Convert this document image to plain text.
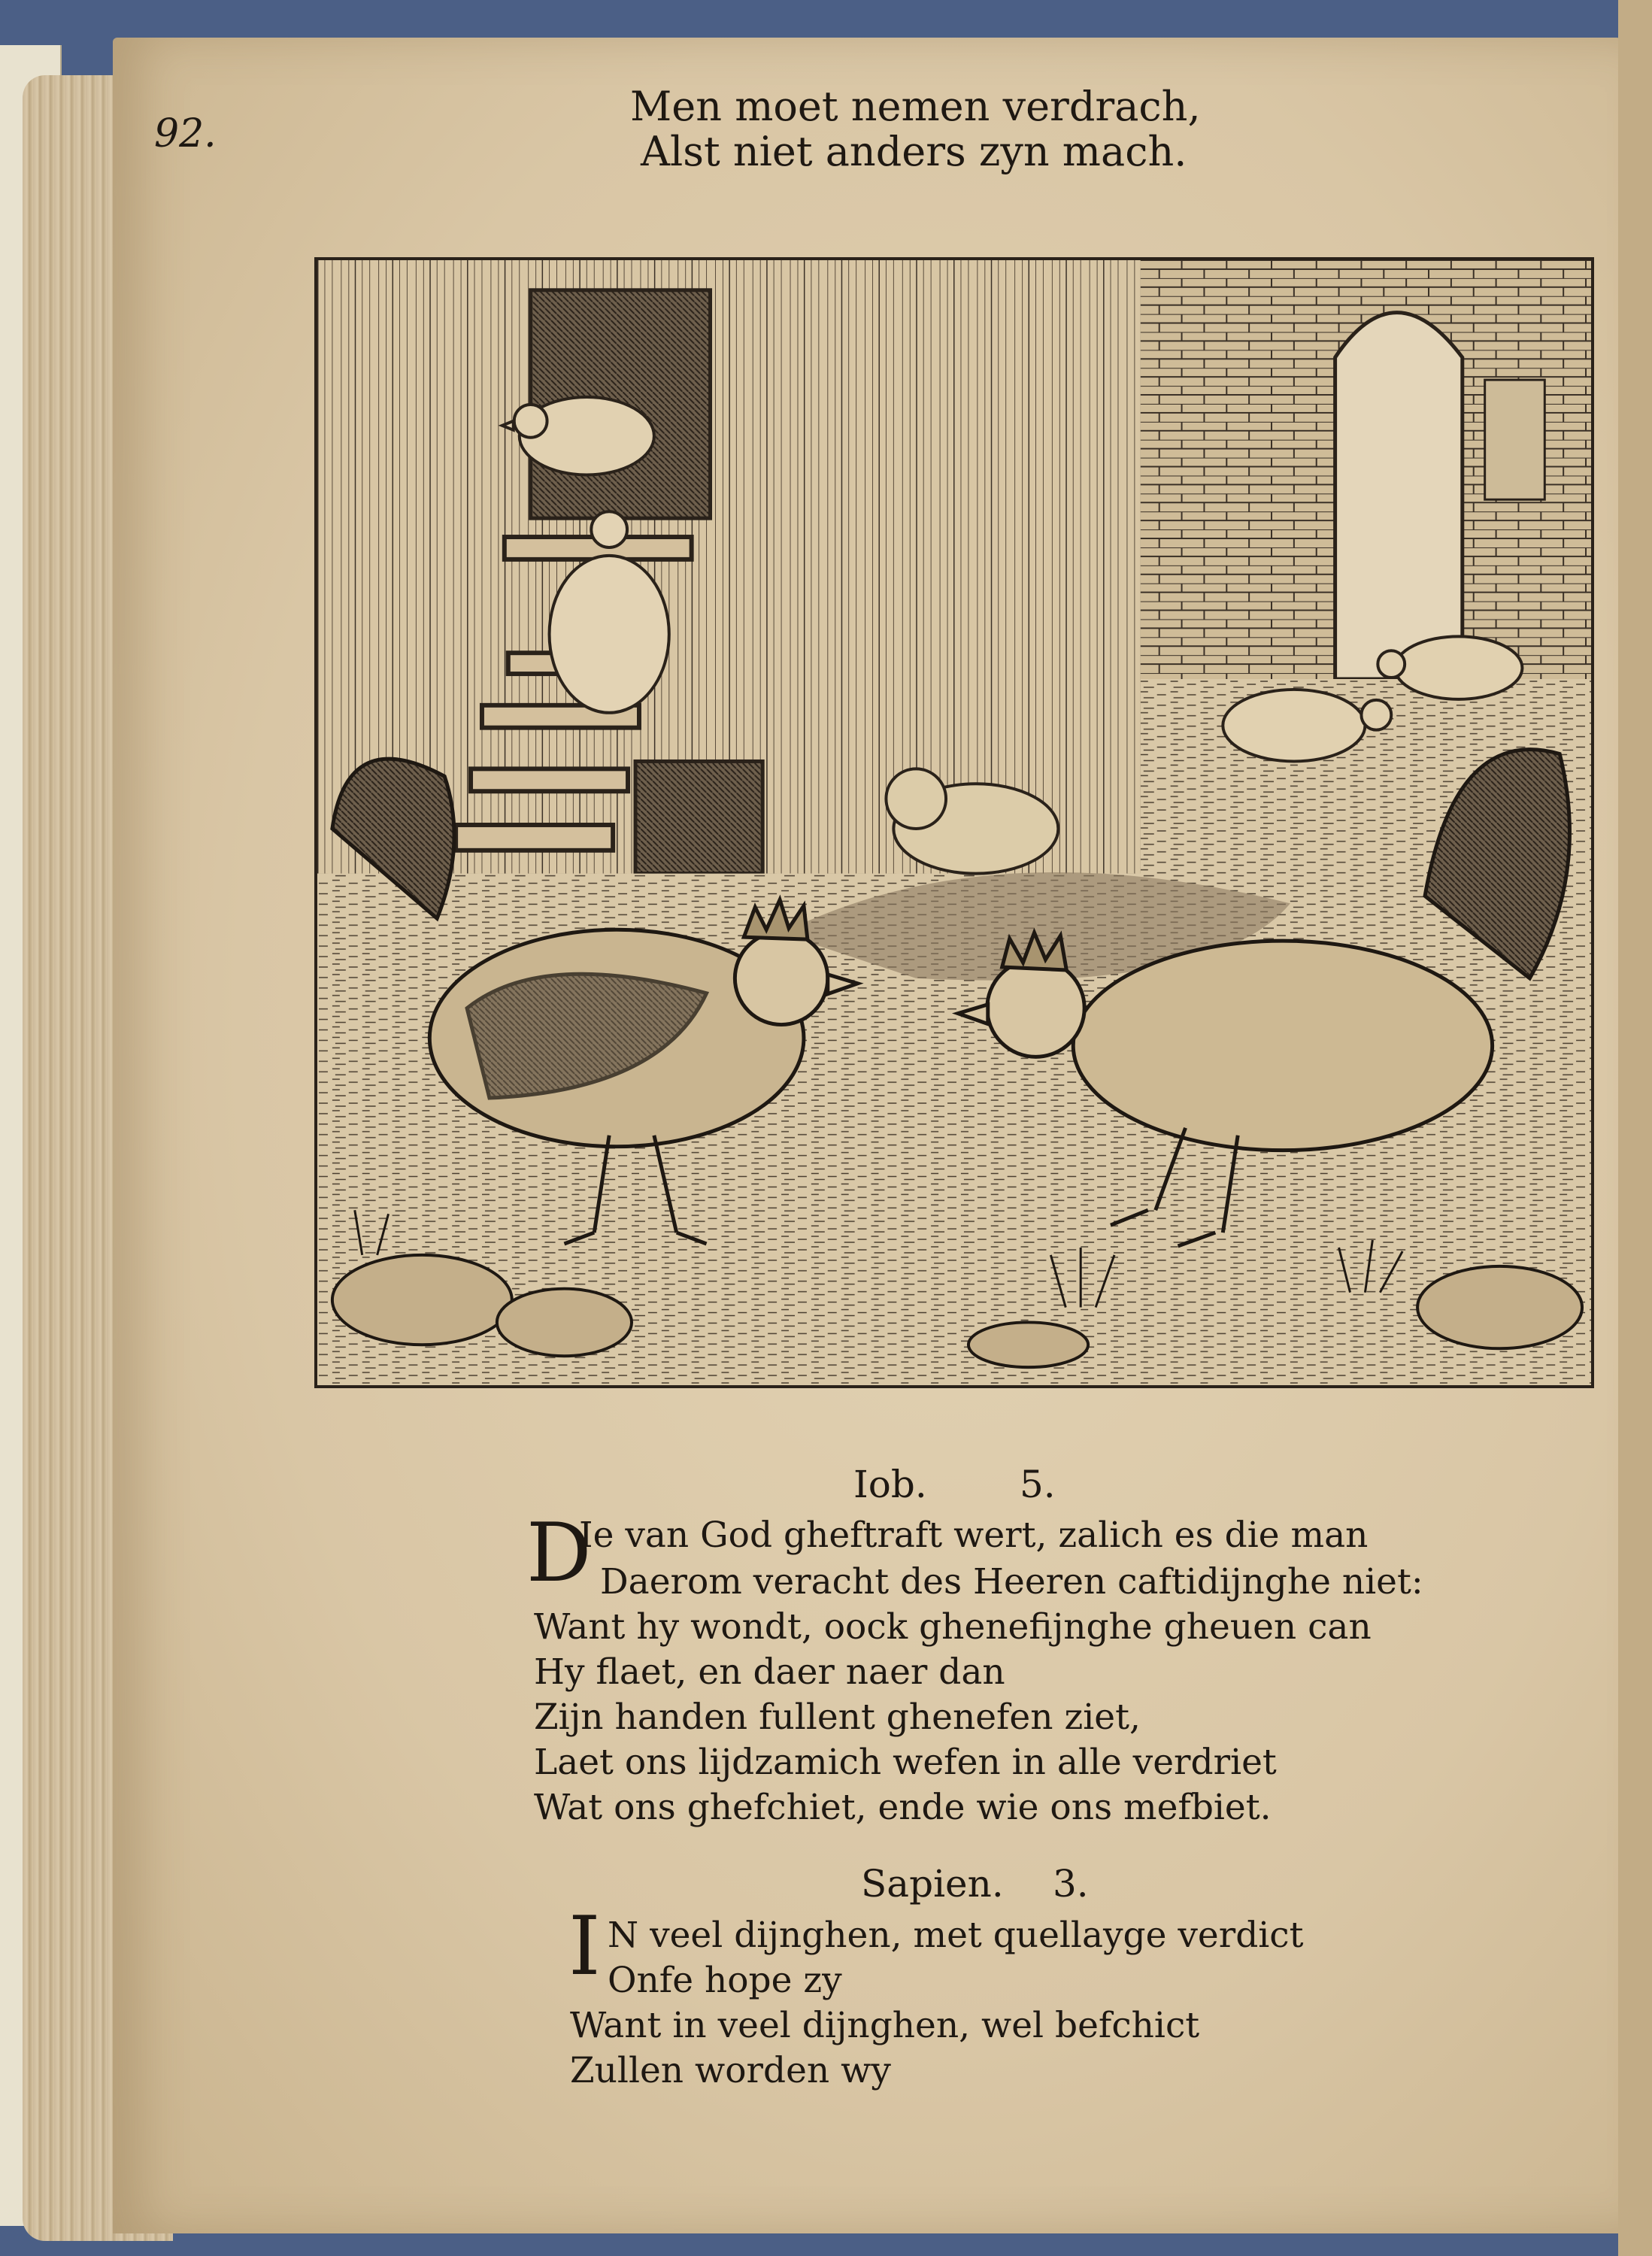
92.
Men moet nemen verdrach,
Alst niet anders zyn mach.
Iob. 5.
D
Ie van God gheftraft wert, zalich es die man
Daerom veracht des Heeren caftidijnghe niet:
Want hy wondt, oock ghenefijnghe gheuen can
Hy flaet, en daer naer dan
Zijn handen fullent ghenefen ziet,
Laet ons lijdzamich wefen in alle verdriet
Wat ons ghefchiet, ende wie ons mefbiet.
Sapien. 3.
I N veel dijnghen, met quellayge verdict
Onfe hope zy
Want in veel dijnghen, wel befchict
Zullen worden wy
